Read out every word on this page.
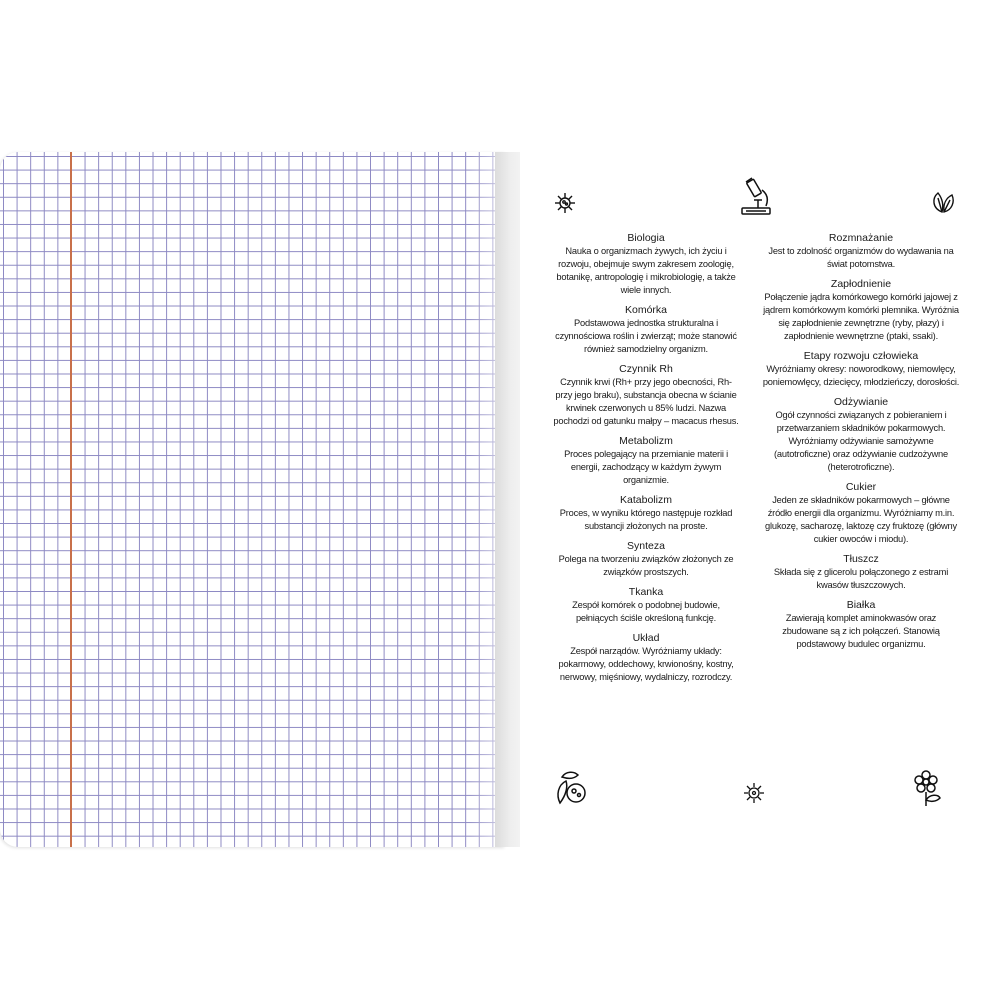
Biologia
Nauka o organizmach żywych, ich życiu i rozwoju, obejmuje swym zakresem zoologię, botanikę, antropologię i mikrobiologię, a także wiele innych.
Komórka
Podstawowa jednostka strukturalna i czynnościowa roślin i zwierząt; może stanowić również samodzielny organizm.
Czynnik Rh
Czynnik krwi (Rh+ przy jego obecności, Rh- przy jego braku), substancja obecna w ścianie krwinek czerwonych u 85% ludzi. Nazwa pochodzi od gatunku małpy – macacus rhesus.
Metabolizm
Proces polegający na przemianie materii i energii, zachodzący w każdym żywym organizmie.
Katabolizm
Proces, w wyniku którego następuje rozkład substancji złożonych na proste.
Synteza
Polega na tworzeniu związków złożonych ze związków prostszych.
Tkanka
Zespół komórek o podobnej budowie, pełniących ściśle określoną funkcję.
Układ
Zespół narządów. Wyróżniamy układy: pokarmowy, oddechowy, krwionośny, kostny, nerwowy, mięśniowy, wydalniczy, rozrodczy.
Rozmnażanie
Jest to zdolność organizmów do wydawania na świat potomstwa.
Zapłodnienie
Połączenie jądra komórkowego komórki jajowej z jądrem komórkowym komórki plemnika. Wyróżnia się zapłodnienie zewnętrzne (ryby, płazy) i zapłodnienie wewnętrzne (ptaki, ssaki).
Etapy rozwoju człowieka
Wyróżniamy okresy: noworodkowy, niemowlęcy, poniemowlęcy, dziecięcy, młodzieńczy, dorosłości.
Odżywianie
Ogół czynności związanych z pobieraniem i przetwarzaniem składników pokarmowych. Wyróżniamy odżywianie samożywne (autotroficzne) oraz odżywianie cudzożywne (heterotroficzne).
Cukier
Jeden ze składników pokarmowych – główne źródło energii dla organizmu. Wyróżniamy m.in. glukozę, sacharozę, laktozę czy fruktozę (główny cukier owoców i miodu).
Tłuszcz
Składa się z glicerolu połączonego z estrami kwasów tłuszczowych.
Białka
Zawierają komplet aminokwasów oraz zbudowane są z ich połączeń. Stanowią podstawowy budulec organizmu.
